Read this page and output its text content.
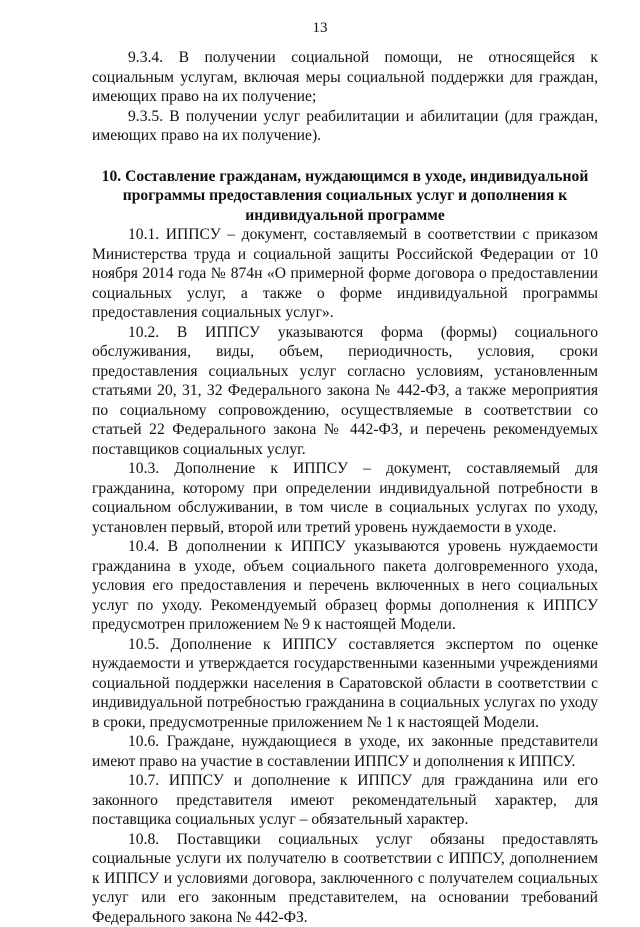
13

9.3.4. В получении социальной помощи, не относящейся к социальным услугам, включая меры социальной поддержки для граждан, имеющих право на их получение;

9.3.5. В получении услуг реабилитации и абилитации (для граждан, имеющих право на их получение).

10. Составление гражданам, нуждающимся в уходе, индивидуальной программы предоставления социальных услуг и дополнения к индивидуальной программе

10.1. ИППСУ – документ, составляемый в соответствии с приказом Министерства труда и социальной защиты Российской Федерации от 10 ноября 2014 года № 874н «О примерной форме договора о предоставлении социальных услуг, а также о форме индивидуальной программы предоставления социальных услуг».

10.2. В ИППСУ указываются форма (формы) социального обслуживания, виды, объем, периодичность, условия, сроки предоставления социальных услуг согласно условиям, установленным статьями 20, 31, 32 Федерального закона № 442-ФЗ, а также мероприятия по социальному сопровождению, осуществляемые в соответствии со статьей 22 Федерального закона № 442-ФЗ, и перечень рекомендуемых поставщиков социальных услуг.

10.3. Дополнение к ИППСУ – документ, составляемый для гражданина, которому при определении индивидуальной потребности в социальном обслуживании, в том числе в социальных услугах по уходу, установлен первый, второй или третий уровень нуждаемости в уходе.

10.4. В дополнении к ИППСУ указываются уровень нуждаемости гражданина в уходе, объем социального пакета долговременного ухода, условия его предоставления и перечень включенных в него социальных услуг по уходу. Рекомендуемый образец формы дополнения к ИППСУ предусмотрен приложением № 9 к настоящей Модели.

10.5. Дополнение к ИППСУ составляется экспертом по оценке нуждаемости и утверждается государственными казенными учреждениями социальной поддержки населения в Саратовской области в соответствии с индивидуальной потребностью гражданина в социальных услугах по уходу в сроки, предусмотренные приложением № 1 к настоящей Модели.

10.6. Граждане, нуждающиеся в уходе, их законные представители имеют право на участие в составлении ИППСУ и дополнения к ИППСУ.

10.7. ИППСУ и дополнение к ИППСУ для гражданина или его законного представителя имеют рекомендательный характер, для поставщика социальных услуг – обязательный характер.

10.8. Поставщики социальных услуг обязаны предоставлять социальные услуги их получателю в соответствии с ИППСУ, дополнением к ИППСУ и условиями договора, заключенного с получателем социальных услуг или его законным представителем, на основании требований Федерального закона № 442-ФЗ.
